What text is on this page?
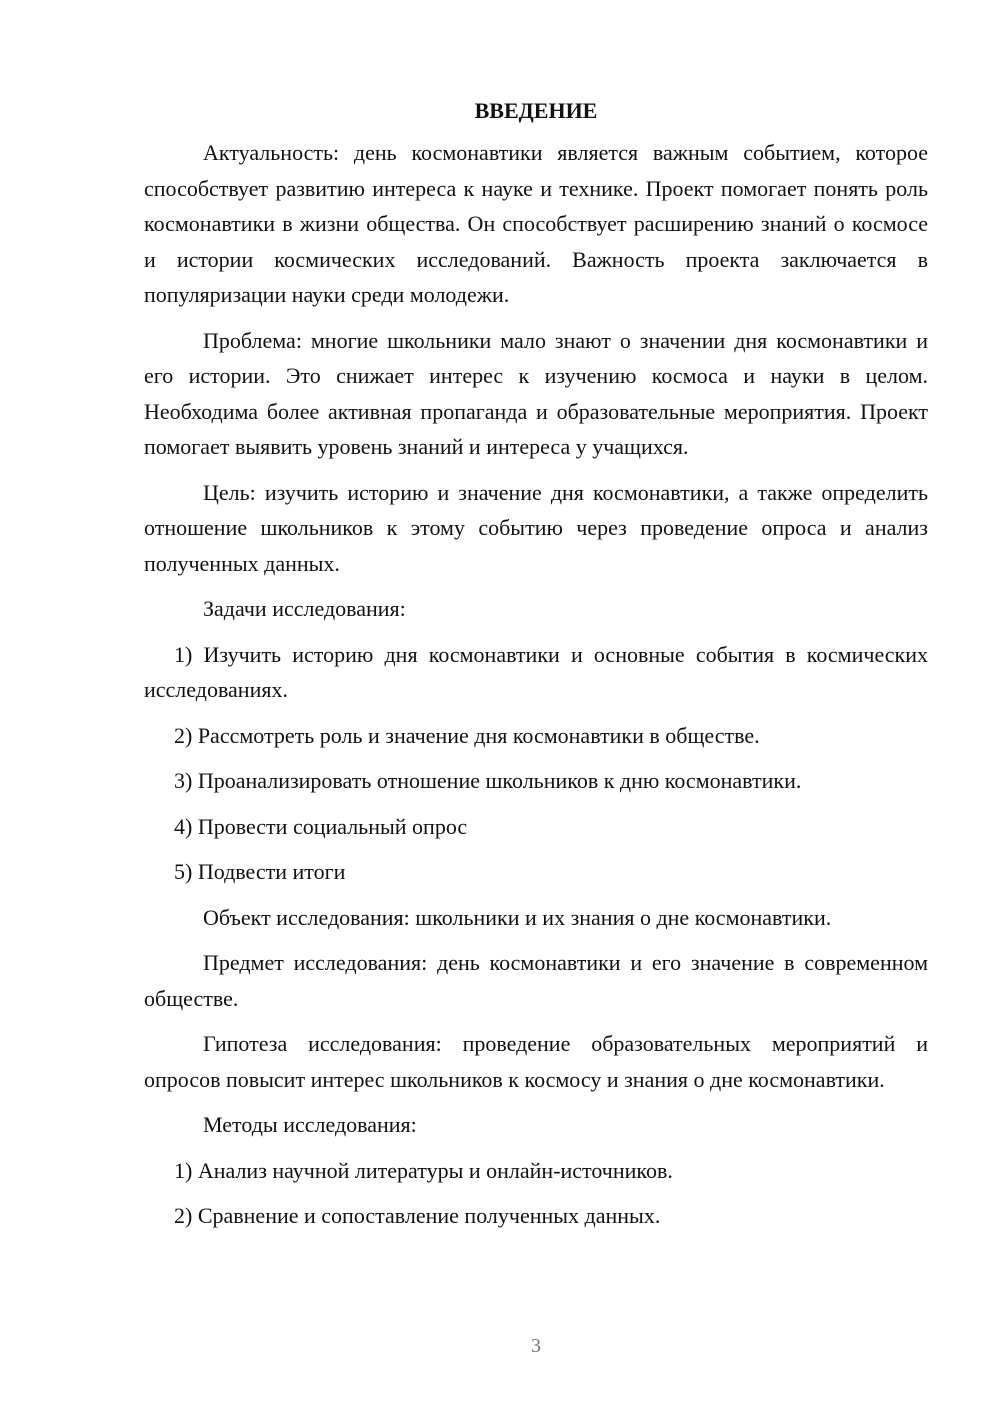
ВВЕДЕНИЕ

Актуальность: день космонавтики является важным событием, которое способствует развитию интереса к науке и технике. Проект помогает понять роль космонавтики в жизни общества. Он способствует расширению знаний о космосе и истории космических исследований. Важность проекта заключается в популяризации науки среди молодежи.

Проблема: многие школьники мало знают о значении дня космонавтики и его истории. Это снижает интерес к изучению космоса и науки в целом. Необходима более активная пропаганда и образовательные мероприятия. Проект помогает выявить уровень знаний и интереса у учащихся.

Цель: изучить историю и значение дня космонавтики, а также определить отношение школьников к этому событию через проведение опроса и анализ полученных данных.

Задачи исследования:

1) Изучить историю дня космонавтики и основные события в космических исследованиях.

2) Рассмотреть роль и значение дня космонавтики в обществе.

3) Проанализировать отношение школьников к дню космонавтики.

4) Провести социальный опрос

5) Подвести итоги

Объект исследования: школьники и их знания о дне космонавтики.

Предмет исследования: день космонавтики и его значение в современном обществе.

Гипотеза исследования: проведение образовательных мероприятий и опросов повысит интерес школьников к космосу и знания о дне космонавтики.

Методы исследования:

1) Анализ научной литературы и онлайн-источников.

2) Сравнение и сопоставление полученных данных.

3
